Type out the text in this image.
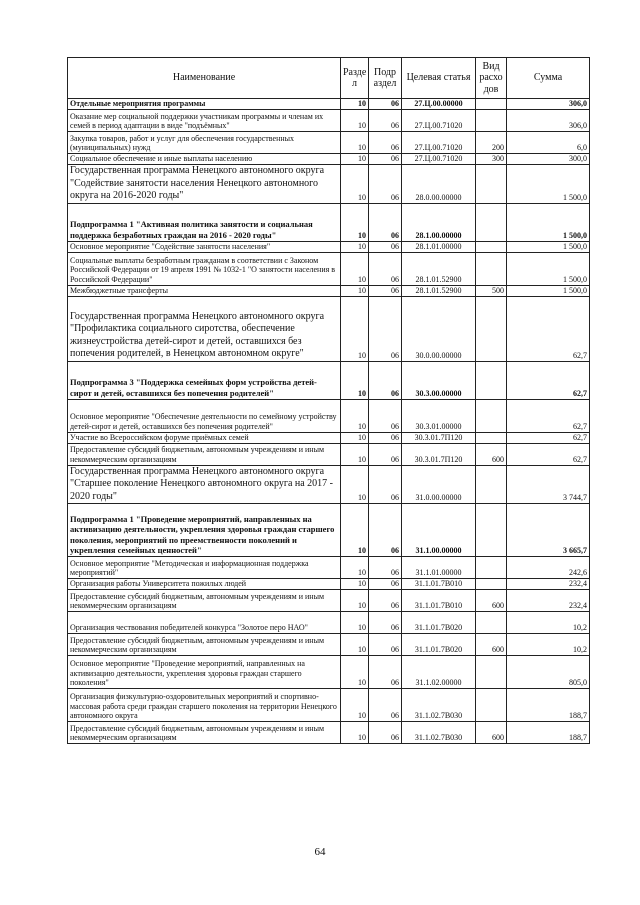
Наименование	Разде л	Подр аздел	Целевая статья	Вид расхо дов	Сумма
Отдельные мероприятия программы	10	06	27.Ц.00.00000		306,0
Оказание мер социальной поддержки участникам программы и членам их семей в период адаптации в виде "подъёмных"	10	06	27.Ц.00.71020		306,0
Закупка товаров, работ и услуг для обеспечения государственных (муниципальных) нужд	10	06	27.Ц.00.71020	200	6,0
Социальное обеспечение и иные выплаты населению	10	06	27.Ц.00.71020	300	300,0
Государственная программа Ненецкого автономного округа "Содействие занятости населения Ненецкого автономного округа на 2016-2020 годы"	10	06	28.0.00.00000		1 500,0
Подпрограмма 1 "Активная политика занятости и социальная поддержка безработных граждан на 2016 - 2020 годы"	10	06	28.1.00.00000		1 500,0
Основное мероприятие "Содействие занятости населения"	10	06	28.1.01.00000		1 500,0
Социальные выплаты безработным гражданам в соответствии с Законом Российской Федерации от 19 апреля 1991 № 1032-1 "О занятости населения в Российской Федерации"	10	06	28.1.01.52900		1 500,0
Межбюджетные трансферты	10	06	28.1.01.52900	500	1 500,0
Государственная программа Ненецкого автономного округа "Профилактика социального сиротства, обеспечение жизнеустройства детей-сирот и детей, оставшихся без попечения родителей, в Ненецком автономном округе"	10	06	30.0.00.00000		62,7
Подпрограмма 3 "Поддержка семейных форм устройства детей-сирот и детей, оставшихся без попечения родителей"	10	06	30.3.00.00000		62,7
Основное мероприятие "Обеспечение деятельности по семейному устройству детей-сирот и детей, оставшихся без попечения родителей"	10	06	30.3.01.00000		62,7
Участие во Всероссийском форуме приёмных семей	10	06	30.3.01.7П120		62,7
Предоставление субсидий бюджетным, автономным учреждениям и иным некоммерческим организациям	10	06	30.3.01.7П120	600	62,7
Государственная программа Ненецкого автономного округа "Старшее поколение Ненецкого автономного округа на 2017 - 2020 годы"	10	06	31.0.00.00000		3 744,7
Подпрограмма 1 "Проведение мероприятий, направленных на активизацию деятельности, укрепления здоровья граждан старшего поколения, мероприятий по преемственности поколений и укрепления семейных ценностей"	10	06	31.1.00.00000		3 665,7
Основное мероприятие "Методическая и информационная поддержка мероприятий"	10	06	31.1.01.00000		242,6
Организация работы Университета пожилых людей	10	06	31.1.01.7В010		232,4
Предоставление субсидий бюджетным, автономным учреждениям и иным некоммерческим организациям	10	06	31.1.01.7В010	600	232,4
Организация чествования победителей конкурса "Золотое перо НАО"	10	06	31.1.01.7В020		10,2
Предоставление субсидий бюджетным, автономным учреждениям и иным некоммерческим организациям	10	06	31.1.01.7В020	600	10,2
Основное мероприятие "Проведение мероприятий, направленных на активизацию деятельности, укрепления здоровья граждан старшего поколения"	10	06	31.1.02.00000		805,0
Организация физкультурно-оздоровительных мероприятий и спортивно-массовая работа среди граждан старшего поколения на территории Ненецкого автономного округа	10	06	31.1.02.7В030		188,7
Предоставление субсидий бюджетным, автономным учреждениям и иным некоммерческим организациям	10	06	31.1.02.7В030	600	188,7
64
